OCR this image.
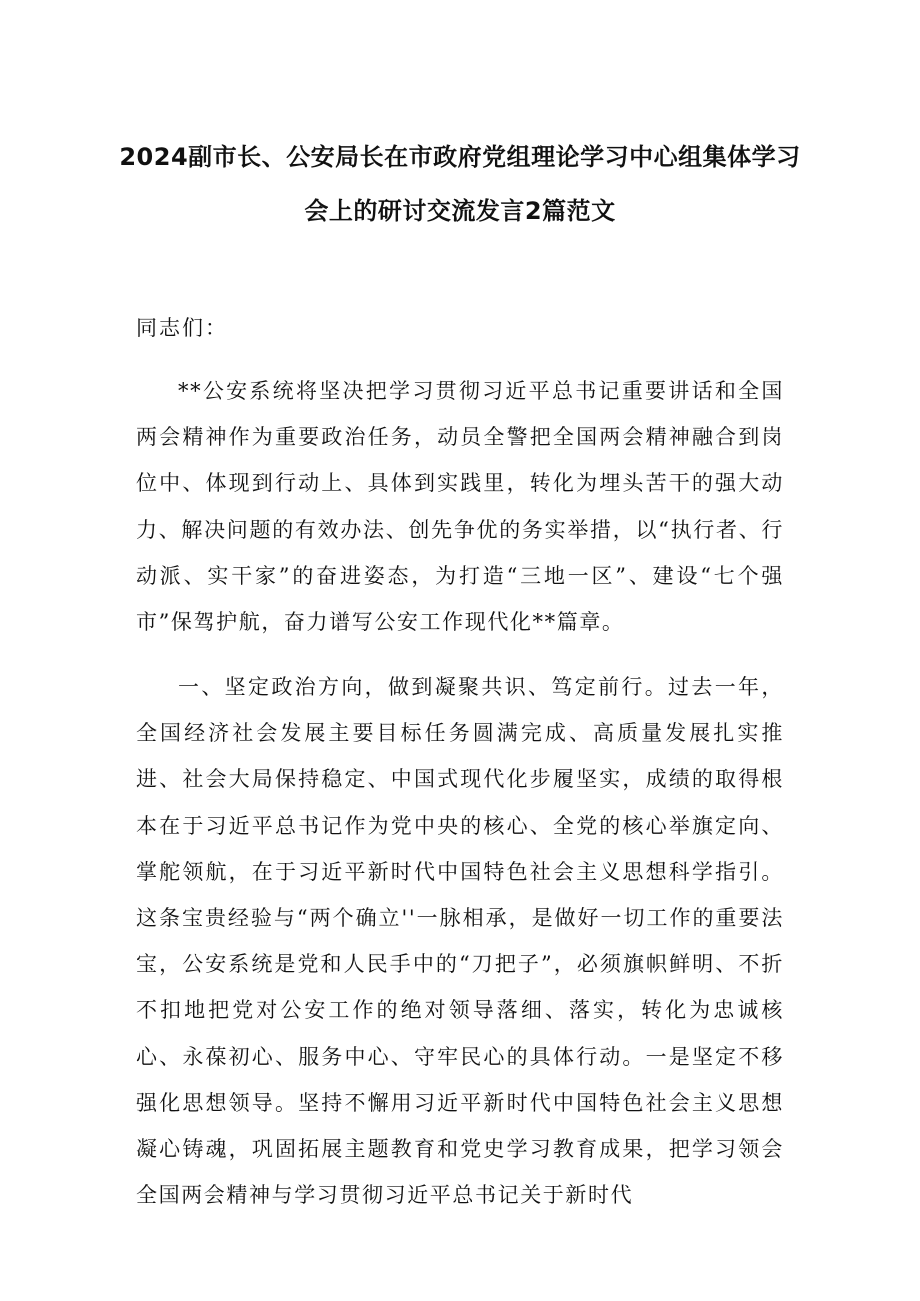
2024副市长、公安局长在市政府党组理论学习中心组集体学习
会上的研讨交流发言2篇范文
同志们：
**公安系统将坚决把学习贯彻习近平总书记重要讲话和全国两会精神作为重要政治任务，动员全警把全国两会精神融合到岗位中、体现到行动上、具体到实践里，转化为埋头苦干的强大动力、解决问题的有效办法、创先争优的务实举措，以“执行者、行动派、实干家”的奋进姿态，为打造“三地一区”、建设“七个强市”保驾护航，奋力谱写公安工作现代化**篇章。
一、坚定政治方向，做到凝聚共识、笃定前行。过去一年，全国经济社会发展主要目标任务圆满完成、高质量发展扎实推进、社会大局保持稳定、中国式现代化步履坚实，成绩的取得根本在于习近平总书记作为党中央的核心、全党的核心举旗定向、掌舵领航，在于习近平新时代中国特色社会主义思想科学指引。这条宝贵经验与“两个确立''一脉相承，是做好一切工作的重要法宝，公安系统是党和人民手中的“刀把子”，必须旗帜鲜明、不折不扣地把党对公安工作的绝对领导落细、落实，转化为忠诚核心、永葆初心、服务中心、守牢民心的具体行动。一是坚定不移强化思想领导。坚持不懈用习近平新时代中国特色社会主义思想凝心铸魂，巩固拓展主题教育和党史学习教育成果，把学习领会全国两会精神与学习贯彻习近平总书记关于新时代
